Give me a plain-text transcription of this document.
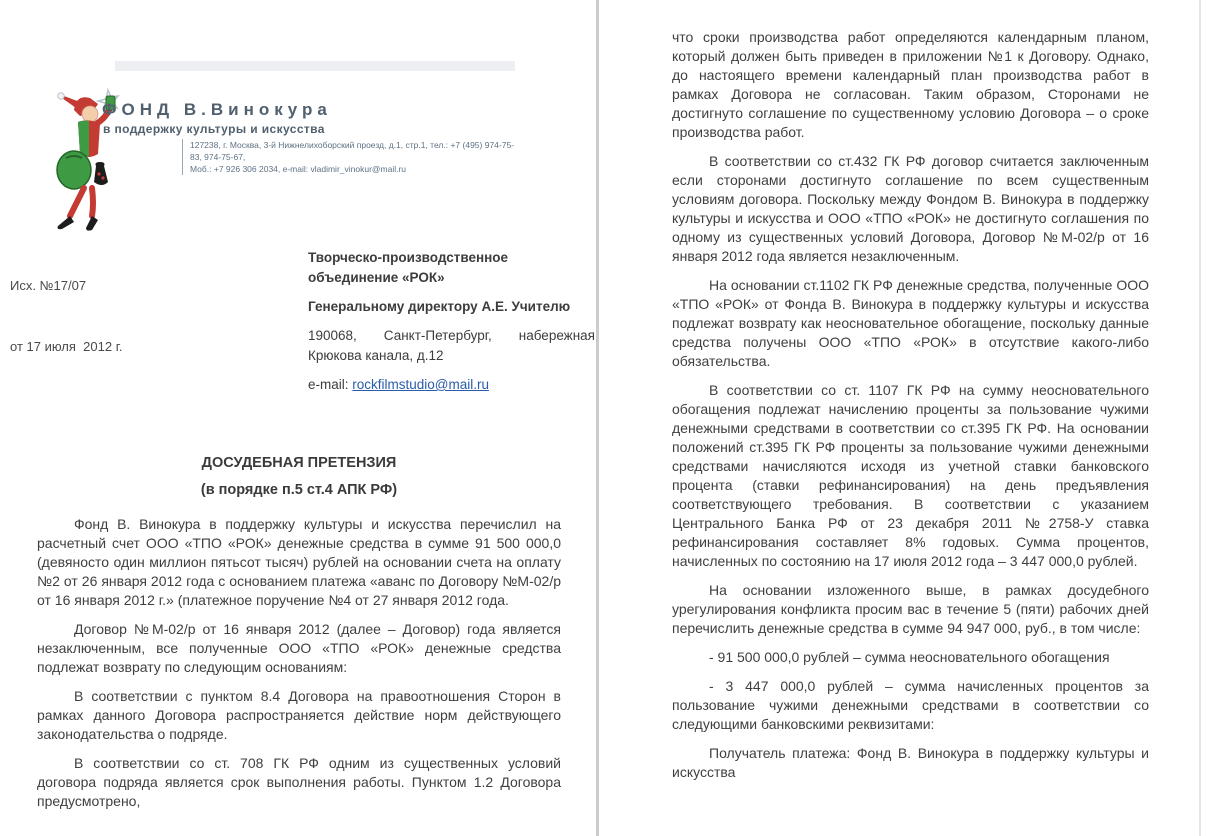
ФОНД В.Винокура
в поддержку культуры и искусства
127238, г. Москва, 3-й Нижнелихоборский проезд, д.1, стр.1, тел.: +7 (495) 974-75-83, 974-75-67,
Моб.: +7 926 306 2034, e-mail: vladimir_vinokur@mail.ru

Исх. №17/07

от 17 июля  2012 г.

Творческо-производственное
объединение «РОК»
Генеральному директору А.Е. Учителю
190068, Санкт-Петербург, набережная
Крюкова канала, д.12
e-mail: rockfilmstudio@mail.ru
ДОСУДЕБНАЯ ПРЕТЕНЗИЯ
(в порядке п.5 ст.4 АПК РФ)

Фонд В. Винокура в поддержку культуры и искусства перечислил на расчетный счет ООО «ТПО «РОК» денежные средства в сумме 91 500 000,0 (девяносто один миллион пятьсот тысяч) рублей на основании счета на оплату №2 от 26 января 2012 года с основанием платежа «аванс по Договору №М-02/р от 16 января 2012 г.» (платежное поручение №4 от 27 января 2012 года.

Договор №М-02/р от 16 января 2012 (далее – Договор) года является незаключенным, все полученные ООО «ТПО «РОК» денежные средства подлежат возврату по следующим основаниям:

В соответствии с пунктом 8.4 Договора на правоотношения Сторон в рамках данного Договора распространяется действие норм действующего законодательства о подряде.

В соответствии со ст. 708 ГК РФ одним из существенных условий договора подряда является срок выполнения работы. Пунктом 1.2 Договора предусмотрено,

что сроки производства работ определяются календарным планом, который должен быть приведен в приложении №1 к Договору. Однако, до настоящего времени календарный план производства работ в рамках Договора не согласован. Таким образом, Сторонами не достигнуто соглашение по существенному условию Договора – о сроке производства работ.

В соответствии со ст.432 ГК РФ договор считается заключенным если сторонами достигнуто соглашение по всем существенным условиям договора. Поскольку между Фондом В. Винокура в поддержку культуры и искусства и ООО «ТПО «РОК» не достигнуто соглашения по одному из существенных условий Договора, Договор №М-02/р от 16 января 2012 года является незаключенным.

На основании ст.1102 ГК РФ денежные средства, полученные ООО «ТПО «РОК» от Фонда В. Винокура в поддержку культуры и искусства подлежат возврату как неосновательное обогащение, поскольку данные средства получены ООО «ТПО «РОК» в отсутствие какого-либо обязательства.

В соответствии со ст. 1107 ГК РФ на сумму неосновательного обогащения подлежат начислению проценты за пользование чужими денежными средствами в соответствии со ст.395 ГК РФ. На основании положений ст.395 ГК РФ проценты за пользование чужими денежными средствами начисляются исходя из учетной ставки банковского процента (ставки рефинансирования) на день предъявления соответствующего требования. В соответствии с указанием Центрального Банка РФ от 23 декабря 2011 №2758-У ставка рефинансирования составляет 8% годовых. Сумма процентов, начисленных по состоянию на 17 июля 2012 года – 3 447 000,0 рублей.

На основании изложенного выше, в рамках досудебного урегулирования конфликта просим вас в течение 5 (пяти) рабочих дней перечислить денежные средства в сумме 94 947 000, руб., в том числе:

- 91 500 000,0 рублей – сумма неосновательного обогащения

- 3 447 000,0 рублей – сумма начисленных процентов за пользование чужими денежными средствами в соответствии со следующими банковскими реквизитами:

Получатель платежа: Фонд В. Винокура в поддержку культуры и искусства
